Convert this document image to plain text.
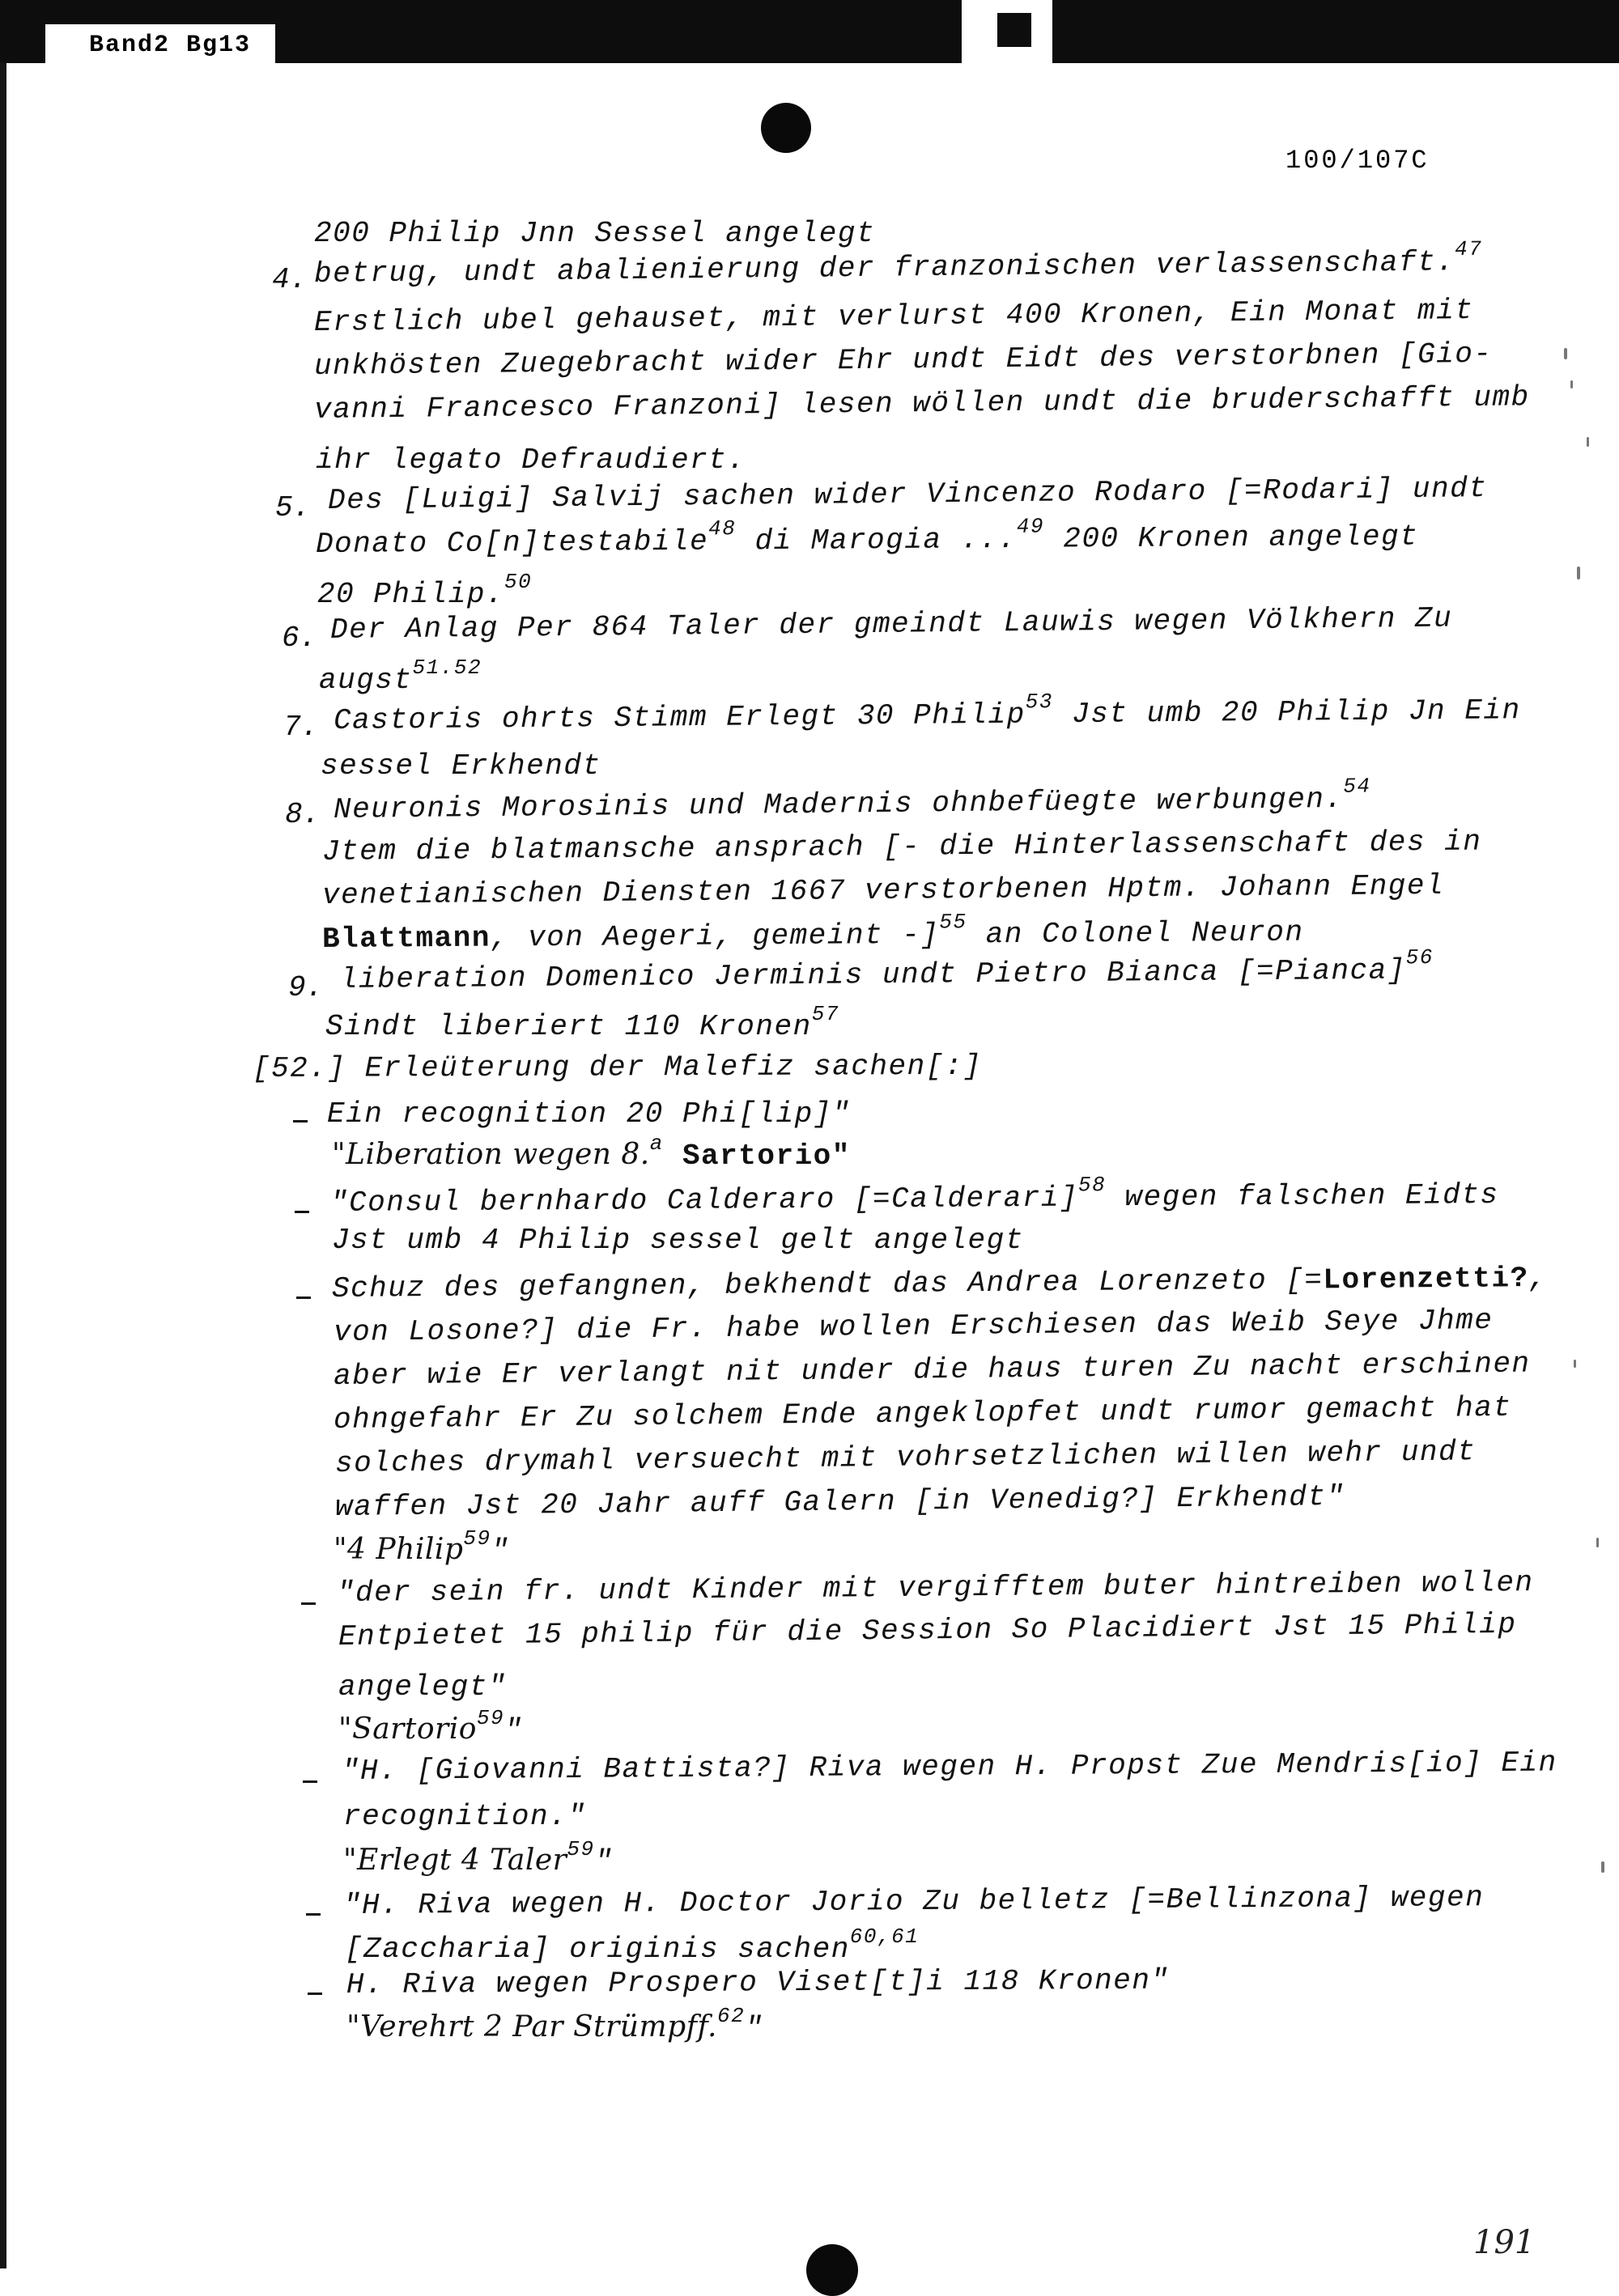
Band2 Bg13
100/107C
200 Philip Jnn Sessel angelegt
4. betrug, undt abalienierung der franzonischen verlassenschaft.$^{47}$
Erstlich ubel gehauset, mit verlurst 400 Kronen, Ein Monat mit
unkhösten Zuegebracht wider Ehr undt Eidt des verstorbnen [Gio-
vanni Francesco Franzoni] lesen wöllen undt die bruderschafft umb
ihr legato Defraudiert.
5. Des [Luigi] Salvij sachen wider Vincenzo Rodaro [=Rodari] undt
Donato Co[n]testabile$^{48}$ di Marogia ...$^{49}$ 200 Kronen angelegt
20 Philip.$^{50}$
6. Der Anlag Per 864 Taler der gmeindt Lauwis wegen Völkhern Zu
augst$^{51.52}$
7. Castoris ohrts Stimm Erlegt 30 Philip$^{53}$ Jst umb 20 Philip Jn Ein
sessel Erkhendt
8. Neuronis Morosinis und Madernis ohnbefüegte werbungen.$^{54}$
Jtem die blatmansche ansprach [- die Hinterlassenschaft des in
venetianischen Diensten 1667 verstorbenen Hptm. Johann Engel
Blattmann, von Aegeri, gemeint -]$^{55}$ an Colonel Neuron
9. liberation Domenico Jerminis undt Pietro Bianca [=Pianca]$^{56}$
Sindt liberiert 110 Kronen$^{57}$
[52.] Erleüterung der Malefiz sachen[:]
Ein recognition 20 Phi[lip]"
"Liberation wegen 8.$^a$ Sartorio"
"Consul bernhardo Calderaro [=Calderari]$^{58}$ wegen falschen Eidts
Jst umb 4 Philip sessel gelt angelegt
Schuz des gefangnen, bekhendt das Andrea Lorenzeto [=Lorenzetti?,
von Losone?] die Fr. habe wollen Erschiesen das Weib Seye Jhme
aber wie Er verlangt nit under die haus turen Zu nacht erschinen
ohngefahr Er Zu solchem Ende angeklopfet undt rumor gemacht hat
solches drymahl versuecht mit vohrsetzlichen willen wehr undt
waffen Jst 20 Jahr auff Galern [in Venedig?] Erkhendt"
"4 Philip$^{59}$"
"der sein fr. undt Kinder mit vergifftem buter hintreiben wollen
Entpietet 15 philip für die Session So Placidiert Jst 15 Philip
angelegt"
"Sartorio$^{59}$"
"H. [Giovanni Battista?] Riva wegen H. Propst Zue Mendris[io] Ein
recognition."
"Erlegt 4 Taler$^{59}$"
"H. Riva wegen H. Doctor Jorio Zu belletz [=Bellinzona] wegen
[Zaccharia] originis sachen$^{60,61}$
H. Riva wegen Prospero Viset[t]i 118 Kronen"
"Verehrt 2 Par Strümpff.$^{62}$"
191
